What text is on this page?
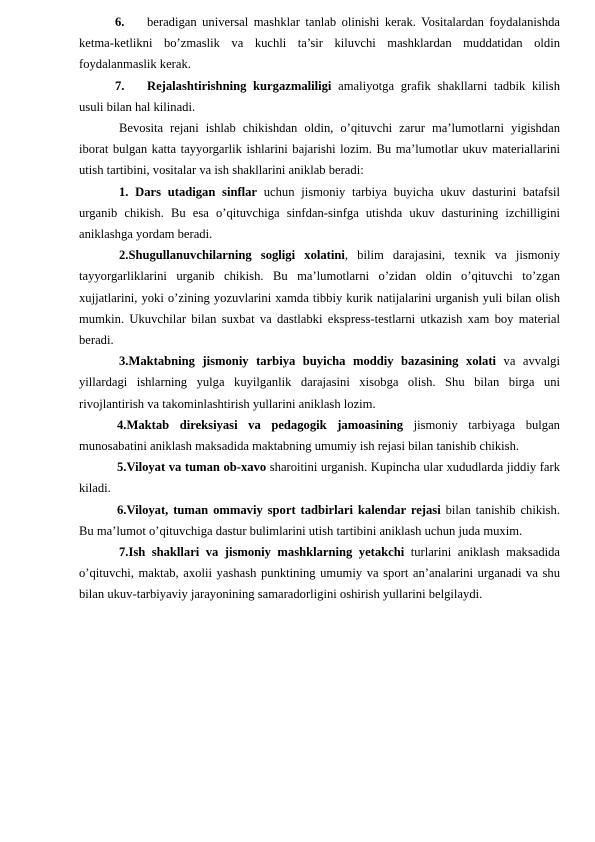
6. beradigan universal mashklar tanlab olinishi kerak. Vositalardan foydalanishda ketma-ketlikni bo’zmaslik va kuchli ta’sir kiluvchi mashklardan muddatidan oldin foydalanmaslik kerak.

7. Rejalashtirishning kurgazmaliligi amaliyotga grafik shakllarni tadbik kilish usuli bilan hal kilinadi.

Bevosita rejani ishlab chikishdan oldin, o’qituvchi zarur ma’lumotlarni yigishdan iborat bulgan katta tayyorgarlik ishlarini bajarishi lozim. Bu ma’lumotlar ukuv materiallarini utish tartibini, vositalar va ish shakllarini aniklab beradi:

1. Dars utadigan sinflar uchun jismoniy tarbiya buyicha ukuv dasturini batafsil urganib chikish. Bu esa o’qituvchiga sinfdan-sinfga utishda ukuv dasturining izchilligini aniklashga yordam beradi.

2.Shugullanuvchilarning sogligi xolatini, bilim darajasini, texnik va jismoniy tayyorgarliklarini urganib chikish. Bu ma’lumotlarni o’zidan oldin o’qituvchi to’zgan xujjatlarini, yoki o’zining yozuvlarini xamda tibbiy kurik natijalarini urganish yuli bilan olish mumkin. Ukuvchilar bilan suxbat va dastlabki ekspress-testlarni utkazish xam boy material beradi.

3.Maktabning jismoniy tarbiya buyicha moddiy bazasining xolati va avvalgi yillardagi ishlarning yulga kuyilganlik darajasini xisobga olish. Shu bilan birga uni rivojlantirish va takominlashtirish yullarini aniklash lozim.

4.Maktab direksiyasi va pedagogik jamoasining jismoniy tarbiyaga bulgan munosabatini aniklash maksadida maktabning umumiy ish rejasi bilan tanishib chikish.

5.Viloyat va tuman ob-xavo sharoitini urganish. Kupincha ular xududlarda jiddiy fark kiladi.

6.Viloyat, tuman ommaviy sport tadbirlari kalendar rejasi bilan tanishib chikish. Bu ma’lumot o’qituvchiga dastur bulimlarini utish tartibini aniklash uchun juda muxim.

7.Ish shakllari va jismoniy mashklarning yetakchi turlarini aniklash maksadida o’qituvchi, maktab, axolii yashash punktining umumiy va sport an’analarini urganadi va shu bilan ukuv-tarbiyaviy jarayonining samaradorligini oshirish yullarini belgilaydi.
